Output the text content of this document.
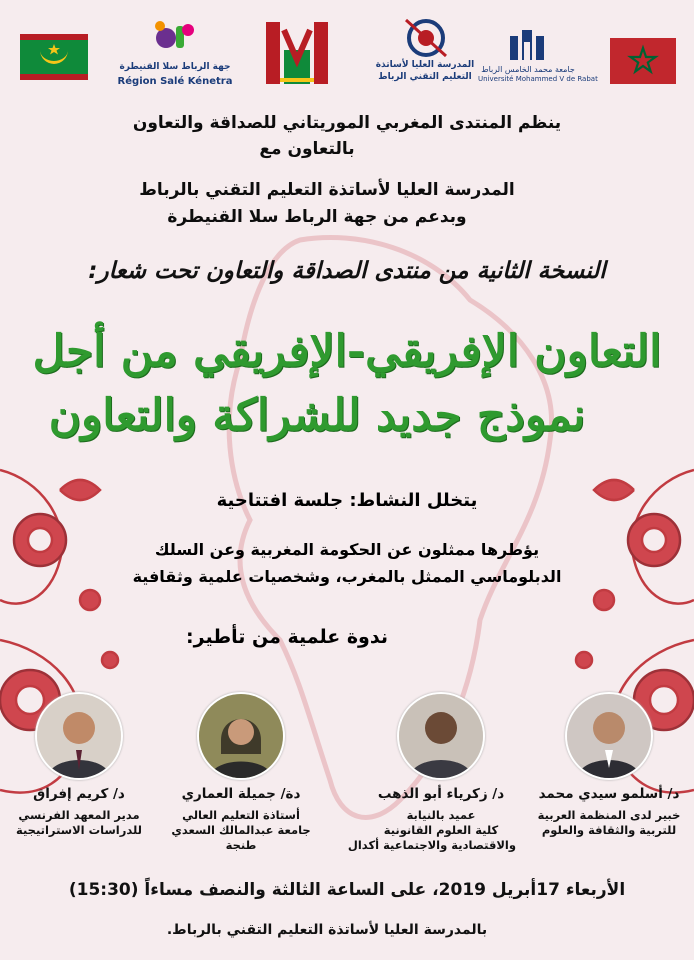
جهة الرباط سلا القنيطرة
Région Salé Kénetra
المدرسة العليا لأساتذة
التعليم التقني الرباط
جامعة محمد الخامس الرباط
Université Mohammed V de Rabat
ينظم المنتدى المغربي الموريتاني للصداقة والتعاون
بالتعاون مع
المدرسة العليا لأساتذة التعليم التقني بالرباط
وبدعم من جهة الرباط سلا القنيطرة
النسخة الثانية من منتدى الصداقة والتعاون تحت شعار:
التعاون الإفريقي-الإفريقي من أجل
نموذج جديد للشراكة والتعاون
يتخلل النشاط: جلسة افتتاحية
يؤطرها ممثلون عن الحكومة المغربية وعن السلك
الدبلوماسي الممثل بالمغرب، وشخصيات علمية وثقافية
ندوة علمية من تأطير:
د/ أسلمو سيدي محمد
خبير لدى المنظمة العربية
للتربية والثقافة والعلوم
د/ زكرياء أبو الذهب
عميد بالنيابة
كلية العلوم القانونية
والاقتصادية والاجتماعية أكدال
دة/ جميلة العماري
أستاذة التعليم العالي
جامعة عبدالمالك السعدي
طنجة
د/ كريم إفراق
مدير المعهد الفرنسي
للدراسات الاستراتيجية
الأربعاء 17أبريل 2019، على الساعة الثالثة والنصف مساءاً (15:30)
بالمدرسة العليا لأساتذة التعليم التقني بالرباط.
